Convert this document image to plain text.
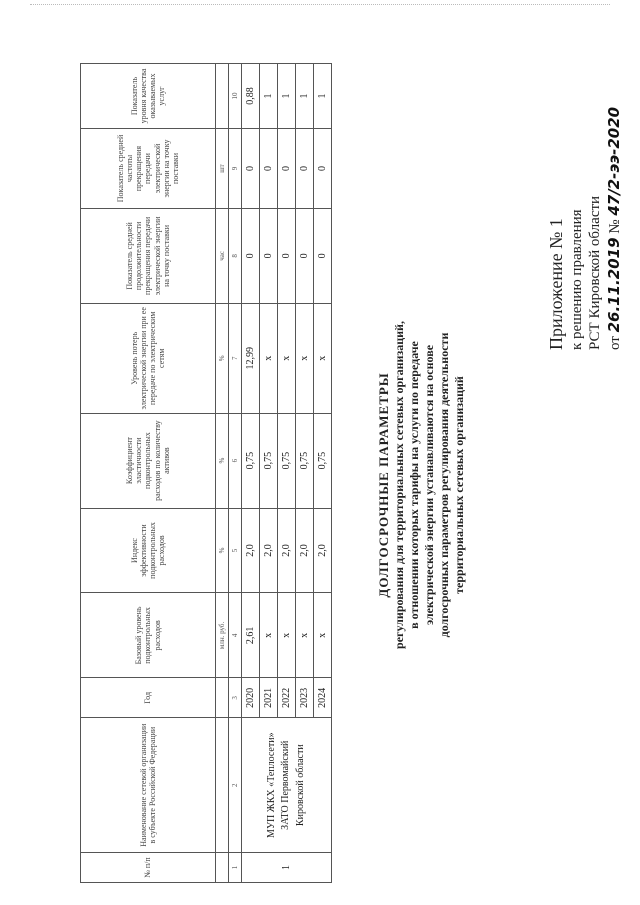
Приложение № 1 к решению правления РСТ Кировской области от 26.11.2019 № 47/2-ээ-2020
ДОЛГОСРОЧНЫЕ ПАРАМЕТРЫ регулирования для территориальных сетевых организаций, в отношении которых тарифы на услуги по передаче электрической энергии устанавливаются на основе долгосрочных параметров регулирования деятельности территориальных сетевых организаций
№ п/п	Наименование сетевой организации в субъекте Российской Федерации	Год	Базовый уровень подконтрольных расходов	Индекс эффективности подконтрольных расходов	Коэффициент эластичности подконтрольных расходов по количеству активов	Уровень потерь электрической энергии при ее передаче по электрическим сетям	Показатель средней продолжительности прекращения передачи электрической энергии на точку поставки	Показатель средней частоты прекращения передачи электрической энергии на точку поставки	Показатель уровня качества оказываемых услуг
			млн. руб.	%	%	%	час	шт	
1	2	3	4	5	6	7	8	9	10
1	МУП ЖКХ «Теплосети» ЗАТО Первомайский Кировской области	2020	2,61	2,0	0,75	12,99	0	0	0,88
		2021	х	2,0	0,75	х	0	0	1
		2022	х	2,0	0,75	х	0	0	1
		2023	х	2,0	0,75	х	0	0	1
		2024	х	2,0	0,75	х	0	0	1
